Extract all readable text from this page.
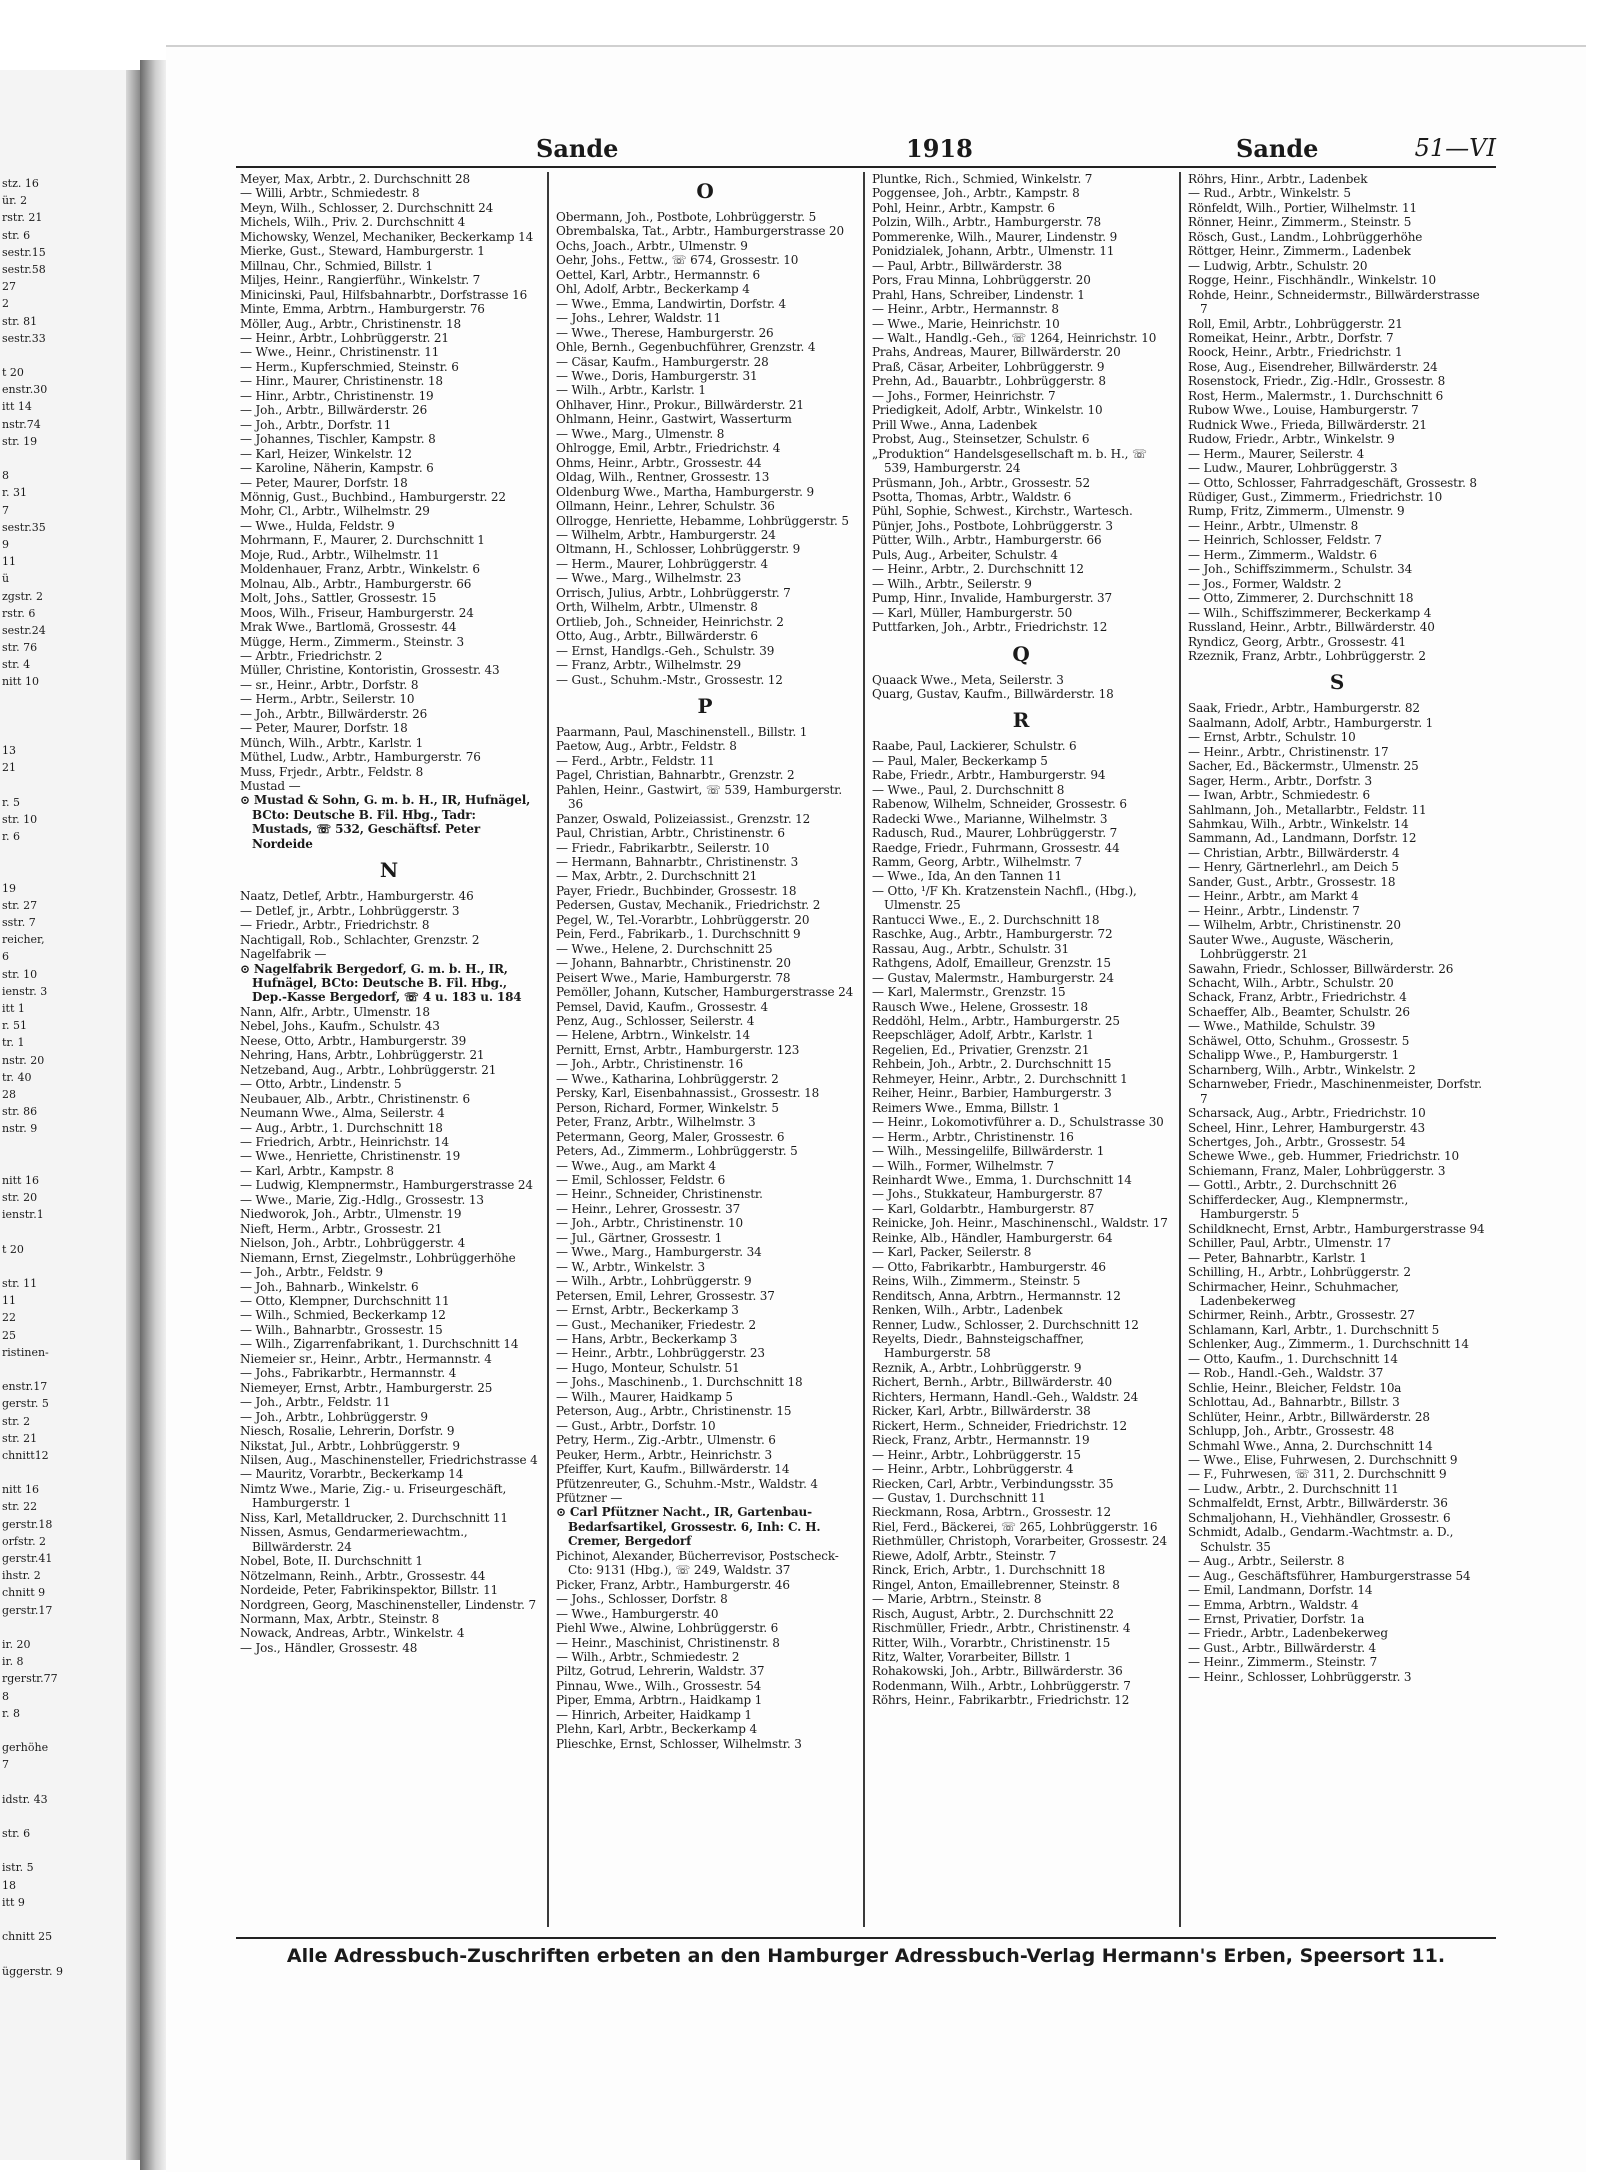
stz. 16
ür. 2
rstr. 21
str. 6
sestr.15
sestr.58
27
2
str. 81
sestr.33
t 20
enstr.30
itt 14
nstr.74
str. 19
8
r. 31
7
sestr.35
9
11
ü
zgstr. 2
rstr. 6
sestr.24
str. 76
str. 4
nitt 10
13
21
r. 5
str. 10
r. 6
19
str. 27
sstr. 7
reicher,
6
str. 10
ienstr. 3
itt 1
r. 51
tr. 1
nstr. 20
tr. 40
28
str. 86
nstr. 9
nitt 16
str. 20
ienstr.1
t 20
str. 11
11
22
25
ristinen-
enstr.17
gerstr. 5
str. 2
str. 21
chnitt12
nitt 16
str. 22
gerstr.18
orfstr. 2
gerstr.41
ihstr. 2
chnitt 9
gerstr.17
ir. 20
ir. 8
rgerstr.77
8
r. 8
gerhöhe
7
idstr. 43
str. 6
istr. 5
18
itt 9
chnitt 25
üggerstr. 9
Sande	1918	Sande	51—VI
Meyer, Max, Arbtr., 2. Durchschnitt 28
— Willi, Arbtr., Schmiedestr. 8
Meyn, Wilh., Schlosser, 2. Durchschnitt 24
Michels, Wilh., Priv. 2. Durchschnitt 4
Michowsky, Wenzel, Mechaniker, Beckerkamp 14
Mierke, Gust., Steward, Hamburgerstr. 1
Millnau, Chr., Schmied, Billstr. 1
Miljes, Heinr., Rangierführ., Winkelstr. 7
Minicinski, Paul, Hilfsbahnarbtr., Dorfstrasse 16
Minte, Emma, Arbtrn., Hamburgerstr. 76
Möller, Aug., Arbtr., Christinenstr. 18
— Heinr., Arbtr., Lohbrüggerstr. 21
— Wwe., Heinr., Christinenstr. 11
— Herm., Kupferschmied, Steinstr. 6
— Hinr., Maurer, Christinenstr. 18
— Hinr., Arbtr., Christinenstr. 19
— Joh., Arbtr., Billwärderstr. 26
— Joh., Arbtr., Dorfstr. 11
— Johannes, Tischler, Kampstr. 8
— Karl, Heizer, Winkelstr. 12
— Karoline, Näherin, Kampstr. 6
— Peter, Maurer, Dorfstr. 18
Mönnig, Gust., Buchbind., Hamburgerstr. 22
Mohr, Cl., Arbtr., Wilhelmstr. 29
— Wwe., Hulda, Feldstr. 9
Mohrmann, F., Maurer, 2. Durchschnitt 1
Moje, Rud., Arbtr., Wilhelmstr. 11
Moldenhauer, Franz, Arbtr., Winkelstr. 6
Molnau, Alb., Arbtr., Hamburgerstr. 66
Molt, Johs., Sattler, Grossestr. 15
Moos, Wilh., Friseur, Hamburgerstr. 24
Mrak Wwe., Bartlomä, Grossestr. 44
Mügge, Herm., Zimmerm., Steinstr. 3
— Arbtr., Friedrichstr. 2
Müller, Christine, Kontoristin, Grossestr. 43
— sr., Heinr., Arbtr., Dorfstr. 8
— Herm., Arbtr., Seilerstr. 10
— Joh., Arbtr., Billwärderstr. 26
— Peter, Maurer, Dorfstr. 18
Münch, Wilh., Arbtr., Karlstr. 1
Müthel, Ludw., Arbtr., Hamburgerstr. 76
Muss, Frjedr., Arbtr., Feldstr. 8
Mustad —
⊙ Mustad & Sohn, G. m. b. H., IR, Hufnägel, BCto: Deutsche B. Fil. Hbg., Tadr: Mustads, ☏ 532, Geschäftsf. Peter Nordeide
N
Naatz, Detlef, Arbtr., Hamburgerstr. 46
— Detlef, jr., Arbtr., Lohbrüggerstr. 3
— Friedr., Arbtr., Friedrichstr. 8
Nachtigall, Rob., Schlachter, Grenzstr. 2
Nagelfabrik —
⊙ Nagelfabrik Bergedorf, G. m. b. H., IR, Hufnägel, BCto: Deutsche B. Fil. Hbg., Dep.-Kasse Bergedorf, ☏ 4 u. 183 u. 184
Nann, Alfr., Arbtr., Ulmenstr. 18
Nebel, Johs., Kaufm., Schulstr. 43
Neese, Otto, Arbtr., Hamburgerstr. 39
Nehring, Hans, Arbtr., Lohbrüggerstr. 21
Netzeband, Aug., Arbtr., Lohbrüggerstr. 21
— Otto, Arbtr., Lindenstr. 5
Neubauer, Alb., Arbtr., Christinenstr. 6
Neumann Wwe., Alma, Seilerstr. 4
— Aug., Arbtr., 1. Durchschnitt 18
— Friedrich, Arbtr., Heinrichstr. 14
— Wwe., Henriette, Christinenstr. 19
— Karl, Arbtr., Kampstr. 8
— Ludwig, Klempnermstr., Hamburgerstrasse 24
— Wwe., Marie, Zig.-Hdlg., Grossestr. 13
Niedworok, Joh., Arbtr., Ulmenstr. 19
Nieft, Herm., Arbtr., Grossestr. 21
Nielson, Joh., Arbtr., Lohbrüggerstr. 4
Niemann, Ernst, Ziegelmstr., Lohbrüggerhöhe
— Joh., Arbtr., Feldstr. 9
— Joh., Bahnarb., Winkelstr. 6
— Otto, Klempner, Durchschnitt 11
— Wilh., Schmied, Beckerkamp 12
— Wilh., Bahnarbtr., Grossestr. 15
— Wilh., Zigarrenfabrikant, 1. Durchschnitt 14
Niemeier sr., Heinr., Arbtr., Hermannstr. 4
— Johs., Fabrikarbtr., Hermannstr. 4
Niemeyer, Ernst, Arbtr., Hamburgerstr. 25
— Joh., Arbtr., Feldstr. 11
— Joh., Arbtr., Lohbrüggerstr. 9
Niesch, Rosalie, Lehrerin, Dorfstr. 9
Nikstat, Jul., Arbtr., Lohbrüggerstr. 9
Nilsen, Aug., Maschinensteller, Friedrichstrasse 4
— Mauritz, Vorarbtr., Beckerkamp 14
Nimtz Wwe., Marie, Zig.- u. Friseurgeschäft, Hamburgerstr. 1
Niss, Karl, Metalldrucker, 2. Durchschnitt 11
Nissen, Asmus, Gendarmeriewachtm., Billwärderstr. 24
Nobel, Bote, II. Durchschnitt 1
Nötzelmann, Reinh., Arbtr., Grossestr. 44
Nordeide, Peter, Fabrikinspektor, Billstr. 11
Nordgreen, Georg, Maschinensteller, Lindenstr. 7
Normann, Max, Arbtr., Steinstr. 8
Nowack, Andreas, Arbtr., Winkelstr. 4
— Jos., Händler, Grossestr. 48
O
Obermann, Joh., Postbote, Lohbrüggerstr. 5
Obrembalska, Tat., Arbtr., Hamburgerstrasse 20
Ochs, Joach., Arbtr., Ulmenstr. 9
Oehr, Johs., Fettw., ☏ 674, Grossestr. 10
Oettel, Karl, Arbtr., Hermannstr. 6
Ohl, Adolf, Arbtr., Beckerkamp 4
— Wwe., Emma, Landwirtin, Dorfstr. 4
— Johs., Lehrer, Waldstr. 11
— Wwe., Therese, Hamburgerstr. 26
Ohle, Bernh., Gegenbuchführer, Grenzstr. 4
— Cäsar, Kaufm., Hamburgerstr. 28
— Wwe., Doris, Hamburgerstr. 31
— Wilh., Arbtr., Karlstr. 1
Ohlhaver, Hinr., Prokur., Billwärderstr. 21
Ohlmann, Heinr., Gastwirt, Wasserturm
— Wwe., Marg., Ulmenstr. 8
Ohlrogge, Emil, Arbtr., Friedrichstr. 4
Ohms, Heinr., Arbtr., Grossestr. 44
Oldag, Wilh., Rentner, Grossestr. 13
Oldenburg Wwe., Martha, Hamburgerstr. 9
Ollmann, Heinr., Lehrer, Schulstr. 36
Ollrogge, Henriette, Hebamme, Lohbrüggerstr. 5
— Wilhelm, Arbtr., Hamburgerstr. 24
Oltmann, H., Schlosser, Lohbrüggerstr. 9
— Herm., Maurer, Lohbrüggerstr. 4
— Wwe., Marg., Wilhelmstr. 23
Orrisch, Julius, Arbtr., Lohbrüggerstr. 7
Orth, Wilhelm, Arbtr., Ulmenstr. 8
Ortlieb, Joh., Schneider, Heinrichstr. 2
Otto, Aug., Arbtr., Billwärderstr. 6
— Ernst, Handlgs.-Geh., Schulstr. 39
— Franz, Arbtr., Wilhelmstr. 29
— Gust., Schuhm.-Mstr., Grossestr. 12
P
Paarmann, Paul, Maschinenstell., Billstr. 1
Paetow, Aug., Arbtr., Feldstr. 8
— Ferd., Arbtr., Feldstr. 11
Pagel, Christian, Bahnarbtr., Grenzstr. 2
Pahlen, Heinr., Gastwirt, ☏ 539, Hamburgerstr. 36
Panzer, Oswald, Polizeiassist., Grenzstr. 12
Paul, Christian, Arbtr., Christinenstr. 6
— Friedr., Fabrikarbtr., Seilerstr. 10
— Hermann, Bahnarbtr., Christinenstr. 3
— Max, Arbtr., 2. Durchschnitt 21
Payer, Friedr., Buchbinder, Grossestr. 18
Pedersen, Gustav, Mechanik., Friedrichstr. 2
Pegel, W., Tel.-Vorarbtr., Lohbrüggerstr. 20
Pein, Ferd., Fabrikarb., 1. Durchschnitt 9
— Wwe., Helene, 2. Durchschnitt 25
— Johann, Bahnarbtr., Christinenstr. 20
Peisert Wwe., Marie, Hamburgerstr. 78
Pemöller, Johann, Kutscher, Hamburgerstrasse 24
Pemsel, David, Kaufm., Grossestr. 4
Penz, Aug., Schlosser, Seilerstr. 4
— Helene, Arbtrn., Winkelstr. 14
Pernitt, Ernst, Arbtr., Hamburgerstr. 123
— Joh., Arbtr., Christinenstr. 16
— Wwe., Katharina, Lohbrüggerstr. 2
Persky, Karl, Eisenbahnassist., Grossestr. 18
Person, Richard, Former, Winkelstr. 5
Peter, Franz, Arbtr., Wilhelmstr. 3
Petermann, Georg, Maler, Grossestr. 6
Peters, Ad., Zimmerm., Lohbrüggerstr. 5
— Wwe., Aug., am Markt 4
— Emil, Schlosser, Feldstr. 6
— Heinr., Schneider, Christinenstr.
— Heinr., Lehrer, Grossestr. 37
— Joh., Arbtr., Christinenstr. 10
— Jul., Gärtner, Grossestr. 1
— Wwe., Marg., Hamburgerstr. 34
— W., Arbtr., Winkelstr. 3
— Wilh., Arbtr., Lohbrüggerstr. 9
Petersen, Emil, Lehrer, Grossestr. 37
— Ernst, Arbtr., Beckerkamp 3
— Gust., Mechaniker, Friedestr. 2
— Hans, Arbtr., Beckerkamp 3
— Heinr., Arbtr., Lohbrüggerstr. 23
— Hugo, Monteur, Schulstr. 51
— Johs., Maschinenb., 1. Durchschnitt 18
— Wilh., Maurer, Haidkamp 5
Peterson, Aug., Arbtr., Christinenstr. 15
— Gust., Arbtr., Dorfstr. 10
Petry, Herm., Zig.-Arbtr., Ulmenstr. 6
Peuker, Herm., Arbtr., Heinrichstr. 3
Pfeiffer, Kurt, Kaufm., Billwärderstr. 14
Pfützenreuter, G., Schuhm.-Mstr., Waldstr. 4
Pfützner —
⊙ Carl Pfützner Nacht., IR, Gartenbau-Bedarfsartikel, Grossestr. 6, Inh: C. H. Cremer, Bergedorf
Pichinot, Alexander, Bücherrevisor, Postscheck-Cto: 9131 (Hbg.), ☏ 249, Waldstr. 37
Picker, Franz, Arbtr., Hamburgerstr. 46
— Johs., Schlosser, Dorfstr. 8
— Wwe., Hamburgerstr. 40
Piehl Wwe., Alwine, Lohbrüggerstr. 6
— Heinr., Maschinist, Christinenstr. 8
— Wilh., Arbtr., Schmiedestr. 2
Piltz, Gotrud, Lehrerin, Waldstr. 37
Pinnau, Wwe., Wilh., Grossestr. 54
Piper, Emma, Arbtrn., Haidkamp 1
— Hinrich, Arbeiter, Haidkamp 1
Plehn, Karl, Arbtr., Beckerkamp 4
Plieschke, Ernst, Schlosser, Wilhelmstr. 3
Pluntke, Rich., Schmied, Winkelstr. 7
Poggensee, Joh., Arbtr., Kampstr. 8
Pohl, Heinr., Arbtr., Kampstr. 6
Polzin, Wilh., Arbtr., Hamburgerstr. 78
Pommerenke, Wilh., Maurer, Lindenstr. 9
Ponidzialek, Johann, Arbtr., Ulmenstr. 11
— Paul, Arbtr., Billwärderstr. 38
Pors, Frau Minna, Lohbrüggerstr. 20
Prahl, Hans, Schreiber, Lindenstr. 1
— Heinr., Arbtr., Hermannstr. 8
— Wwe., Marie, Heinrichstr. 10
— Walt., Handlg.-Geh., ☏ 1264, Heinrichstr. 10
Prahs, Andreas, Maurer, Billwärderstr. 20
Praß, Cäsar, Arbeiter, Lohbrüggerstr. 9
Prehn, Ad., Bauarbtr., Lohbrüggerstr. 8
— Johs., Former, Heinrichstr. 7
Priedigkeit, Adolf, Arbtr., Winkelstr. 10
Prill Wwe., Anna, Ladenbek
Probst, Aug., Steinsetzer, Schulstr. 6
„Produktion“ Handelsgesellschaft m. b. H., ☏ 539, Hamburgerstr. 24
Prüsmann, Joh., Arbtr., Grossestr. 52
Psotta, Thomas, Arbtr., Waldstr. 6
Pühl, Sophie, Schwest., Kirchstr., Wartesch.
Pünjer, Johs., Postbote, Lohbrüggerstr. 3
Pütter, Wilh., Arbtr., Hamburgerstr. 66
Puls, Aug., Arbeiter, Schulstr. 4
— Heinr., Arbtr., 2. Durchschnitt 12
— Wilh., Arbtr., Seilerstr. 9
Pump, Hinr., Invalide, Hamburgerstr. 37
— Karl, Müller, Hamburgerstr. 50
Puttfarken, Joh., Arbtr., Friedrichstr. 12
Q
Quaack Wwe., Meta, Seilerstr. 3
Quarg, Gustav, Kaufm., Billwärderstr. 18
R
Raabe, Paul, Lackierer, Schulstr. 6
— Paul, Maler, Beckerkamp 5
Rabe, Friedr., Arbtr., Hamburgerstr. 94
— Wwe., Paul, 2. Durchschnitt 8
Rabenow, Wilhelm, Schneider, Grossestr. 6
Radecki Wwe., Marianne, Wilhelmstr. 3
Radusch, Rud., Maurer, Lohbrüggerstr. 7
Raedge, Friedr., Fuhrmann, Grossestr. 44
Ramm, Georg, Arbtr., Wilhelmstr. 7
— Wwe., Ida, An den Tannen 11
— Otto, ¹/F Kh. Kratzenstein Nachfl., (Hbg.), Ulmenstr. 25
Rantucci Wwe., E., 2. Durchschnitt 18
Raschke, Aug., Arbtr., Hamburgerstr. 72
Rassau, Aug., Arbtr., Schulstr. 31
Rathgens, Adolf, Emailleur, Grenzstr. 15
— Gustav, Malermstr., Hamburgerstr. 24
— Karl, Malermstr., Grenzstr. 15
Rausch Wwe., Helene, Grossestr. 18
Reddöhl, Helm., Arbtr., Hamburgerstr. 25
Reepschläger, Adolf, Arbtr., Karlstr. 1
Regelien, Ed., Privatier, Grenzstr. 21
Rehbein, Joh., Arbtr., 2. Durchschnitt 15
Rehmeyer, Heinr., Arbtr., 2. Durchschnitt 1
Reiher, Heinr., Barbier, Hamburgerstr. 3
Reimers Wwe., Emma, Billstr. 1
— Heinr., Lokomotivführer a. D., Schulstrasse 30
— Herm., Arbtr., Christinenstr. 16
— Wilh., Messingelilfe, Billwärderstr. 1
— Wilh., Former, Wilhelmstr. 7
Reinhardt Wwe., Emma, 1. Durchschnitt 14
— Johs., Stukkateur, Hamburgerstr. 87
— Karl, Goldarbtr., Hamburgerstr. 87
Reinicke, Joh. Heinr., Maschinenschl., Waldstr. 17
Reinke, Alb., Händler, Hamburgerstr. 64
— Karl, Packer, Seilerstr. 8
— Otto, Fabrikarbtr., Hamburgerstr. 46
Reins, Wilh., Zimmerm., Steinstr. 5
Renditsch, Anna, Arbtrn., Hermannstr. 12
Renken, Wilh., Arbtr., Ladenbek
Renner, Ludw., Schlosser, 2. Durchschnitt 12
Reyelts, Diedr., Bahnsteigschaffner, Hamburgerstr. 58
Reznik, A., Arbtr., Lohbrüggerstr. 9
Richert, Bernh., Arbtr., Billwärderstr. 40
Richters, Hermann, Handl.-Geh., Waldstr. 24
Ricker, Karl, Arbtr., Billwärderstr. 38
Rickert, Herm., Schneider, Friedrichstr. 12
Rieck, Franz, Arbtr., Hermannstr. 19
— Heinr., Arbtr., Lohbrüggerstr. 15
— Heinr., Arbtr., Lohbrüggerstr. 4
Riecken, Carl, Arbtr., Verbindungsstr. 35
— Gustav, 1. Durchschnitt 11
Rieckmann, Rosa, Arbtrn., Grossestr. 12
Riel, Ferd., Bäckerei, ☏ 265, Lohbrüggerstr. 16
Riethmüller, Christoph, Vorarbeiter, Grossestr. 24
Riewe, Adolf, Arbtr., Steinstr. 7
Rinck, Erich, Arbtr., 1. Durchschnitt 18
Ringel, Anton, Emaillebrenner, Steinstr. 8
— Marie, Arbtrn., Steinstr. 8
Risch, August, Arbtr., 2. Durchschnitt 22
Rischmüller, Friedr., Arbtr., Christinenstr. 4
Ritter, Wilh., Vorarbtr., Christinenstr. 15
Ritz, Walter, Vorarbeiter, Billstr. 1
Rohakowski, Joh., Arbtr., Billwärderstr. 36
Rodenmann, Wilh., Arbtr., Lohbrüggerstr. 7
Röhrs, Heinr., Fabrikarbtr., Friedrichstr. 12
Röhrs, Hinr., Arbtr., Ladenbek
— Rud., Arbtr., Winkelstr. 5
Rönfeldt, Wilh., Portier, Wilhelmstr. 11
Rönner, Heinr., Zimmerm., Steinstr. 5
Rösch, Gust., Landm., Lohbrüggerhöhe
Röttger, Heinr., Zimmerm., Ladenbek
— Ludwig, Arbtr., Schulstr. 20
Rogge, Heinr., Fischhändlr., Winkelstr. 10
Rohde, Heinr., Schneidermstr., Billwärderstrasse 7
Roll, Emil, Arbtr., Lohbrüggerstr. 21
Romeikat, Heinr., Arbtr., Dorfstr. 7
Roock, Heinr., Arbtr., Friedrichstr. 1
Rose, Aug., Eisendreher, Billwärderstr. 24
Rosenstock, Friedr., Zig.-Hdlr., Grossestr. 8
Rost, Herm., Malermstr., 1. Durchschnitt 6
Rubow Wwe., Louise, Hamburgerstr. 7
Rudnick Wwe., Frieda, Billwärderstr. 21
Rudow, Friedr., Arbtr., Winkelstr. 9
— Herm., Maurer, Seilerstr. 4
— Ludw., Maurer, Lohbrüggerstr. 3
— Otto, Schlosser, Fahrradgeschäft, Grossestr. 8
Rüdiger, Gust., Zimmerm., Friedrichstr. 10
Rump, Fritz, Zimmerm., Ulmenstr. 9
— Heinr., Arbtr., Ulmenstr. 8
— Heinrich, Schlosser, Feldstr. 7
— Herm., Zimmerm., Waldstr. 6
— Joh., Schiffszimmerm., Schulstr. 34
— Jos., Former, Waldstr. 2
— Otto, Zimmerer, 2. Durchschnitt 18
— Wilh., Schiffszimmerer, Beckerkamp 4
Russland, Heinr., Arbtr., Billwärderstr. 40
Ryndicz, Georg, Arbtr., Grossestr. 41
Rzeznik, Franz, Arbtr., Lohbrüggerstr. 2
S
Saak, Friedr., Arbtr., Hamburgerstr. 82
Saalmann, Adolf, Arbtr., Hamburgerstr. 1
— Ernst, Arbtr., Schulstr. 10
— Heinr., Arbtr., Christinenstr. 17
Sacher, Ed., Bäckermstr., Ulmenstr. 25
Sager, Herm., Arbtr., Dorfstr. 3
— Iwan, Arbtr., Schmiedestr. 6
Sahlmann, Joh., Metallarbtr., Feldstr. 11
Sahmkau, Wilh., Arbtr., Winkelstr. 14
Sammann, Ad., Landmann, Dorfstr. 12
— Christian, Arbtr., Billwärderstr. 4
— Henry, Gärtnerlehrl., am Deich 5
Sander, Gust., Arbtr., Grossestr. 18
— Heinr., Arbtr., am Markt 4
— Heinr., Arbtr., Lindenstr. 7
— Wilhelm, Arbtr., Christinenstr. 20
Sauter Wwe., Auguste, Wäscherin, Lohbrüggerstr. 21
Sawahn, Friedr., Schlosser, Billwärderstr. 26
Schacht, Wilh., Arbtr., Schulstr. 20
Schack, Franz, Arbtr., Friedrichstr. 4
Schaeffer, Alb., Beamter, Schulstr. 26
— Wwe., Mathilde, Schulstr. 39
Schäwel, Otto, Schuhm., Grossestr. 5
Schalipp Wwe., P., Hamburgerstr. 1
Scharnberg, Wilh., Arbtr., Winkelstr. 2
Scharnweber, Friedr., Maschinenmeister, Dorfstr. 7
Scharsack, Aug., Arbtr., Friedrichstr. 10
Scheel, Hinr., Lehrer, Hamburgerstr. 43
Schertges, Joh., Arbtr., Grossestr. 54
Schewe Wwe., geb. Hummer, Friedrichstr. 10
Schiemann, Franz, Maler, Lohbrüggerstr. 3
— Gottl., Arbtr., 2. Durchschnitt 26
Schifferdecker, Aug., Klempnermstr., Hamburgerstr. 5
Schildknecht, Ernst, Arbtr., Hamburgerstrasse 94
Schiller, Paul, Arbtr., Ulmenstr. 17
— Peter, Bahnarbtr., Karlstr. 1
Schilling, H., Arbtr., Lohbrüggerstr. 2
Schirmacher, Heinr., Schuhmacher, Ladenbekerweg
Schirmer, Reinh., Arbtr., Grossestr. 27
Schlamann, Karl, Arbtr., 1. Durchschnitt 5
Schlenker, Aug., Zimmerm., 1. Durchschnitt 14
— Otto, Kaufm., 1. Durchschnitt 14
— Rob., Handl.-Geh., Waldstr. 37
Schlie, Heinr., Bleicher, Feldstr. 10a
Schlottau, Ad., Bahnarbtr., Billstr. 3
Schlüter, Heinr., Arbtr., Billwärderstr. 28
Schlupp, Joh., Arbtr., Grossestr. 48
Schmahl Wwe., Anna, 2. Durchschnitt 14
— Wwe., Elise, Fuhrwesen, 2. Durchschnitt 9
— F., Fuhrwesen, ☏ 311, 2. Durchschnitt 9
— Ludw., Arbtr., 2. Durchschnitt 11
Schmalfeldt, Ernst, Arbtr., Billwärderstr. 36
Schmaljohann, H., Viehhändler, Grossestr. 6
Schmidt, Adalb., Gendarm.-Wachtmstr. a. D., Schulstr. 35
— Aug., Arbtr., Seilerstr. 8
— Aug., Geschäftsführer, Hamburgerstrasse 54
— Emil, Landmann, Dorfstr. 14
— Emma, Arbtrn., Waldstr. 4
— Ernst, Privatier, Dorfstr. 1a
— Friedr., Arbtr., Ladenbekerweg
— Gust., Arbtr., Billwärderstr. 4
— Heinr., Zimmerm., Steinstr. 7
— Heinr., Schlosser, Lohbrüggerstr. 3
Alle Adressbuch-Zuschriften erbeten an den Hamburger Adressbuch-Verlag Hermann's Erben, Speersort 11.
